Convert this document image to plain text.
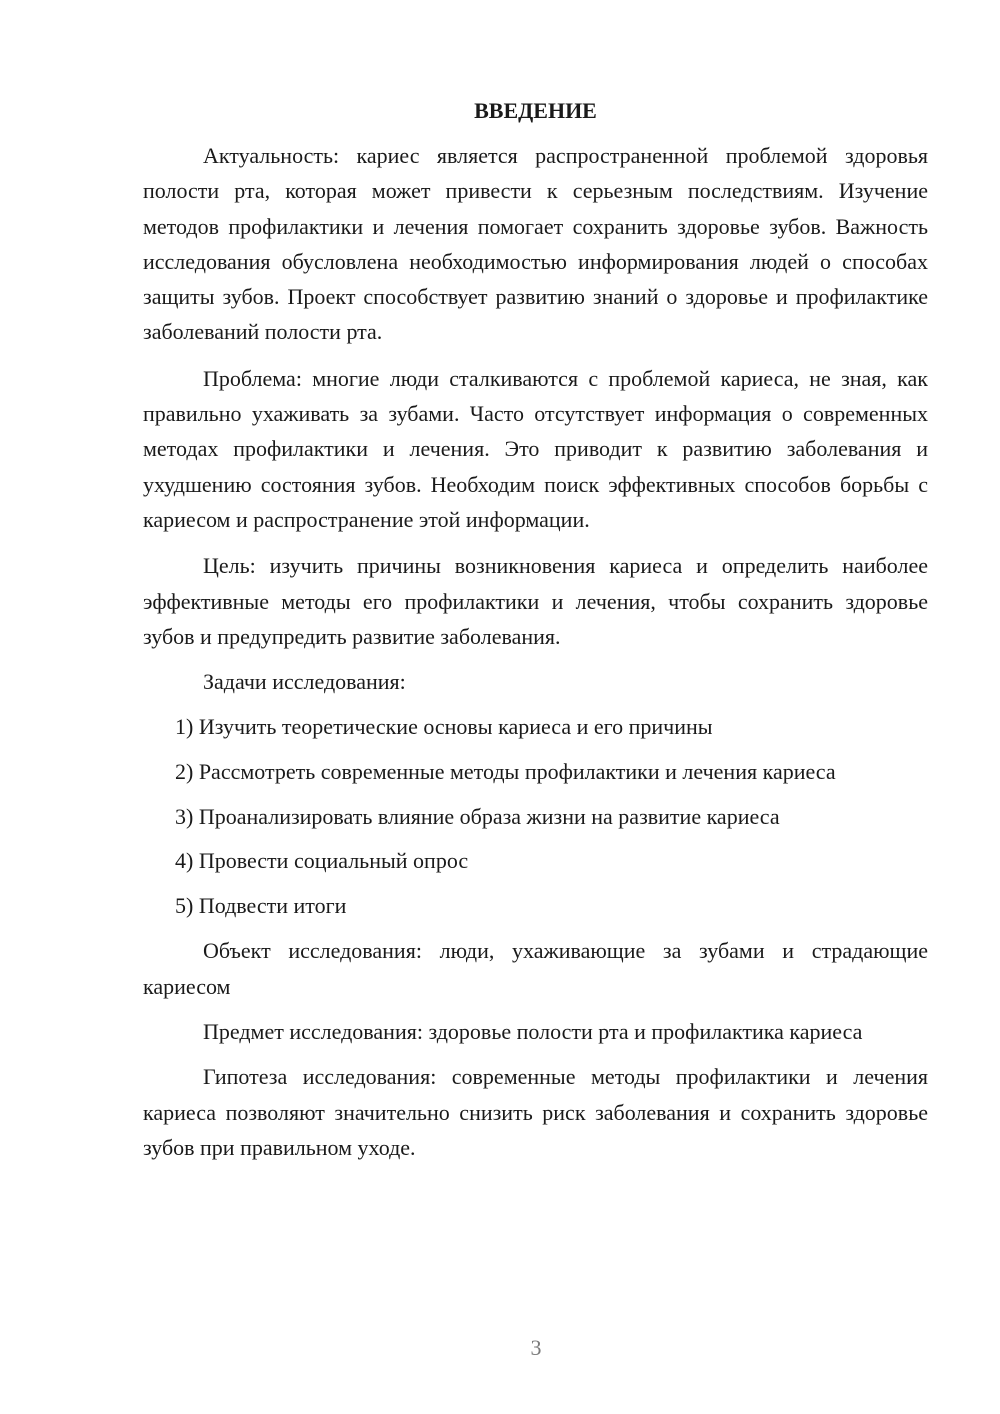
ВВЕДЕНИЕ

Актуальность: кариес является распространенной проблемой здоровья полости рта, которая может привести к серьезным последствиям. Изучение методов профилактики и лечения помогает сохранить здоровье зубов. Важность исследования обусловлена необходимостью информирования людей о способах защиты зубов. Проект способствует развитию знаний о здоровье и профилактике заболеваний полости рта.

Проблема: многие люди сталкиваются с проблемой кариеса, не зная, как правильно ухаживать за зубами. Часто отсутствует информация о современных методах профилактики и лечения. Это приводит к развитию заболевания и ухудшению состояния зубов. Необходим поиск эффективных способов борьбы с кариесом и распространение этой информации.

Цель: изучить причины возникновения кариеса и определить наиболее эффективные методы его профилактики и лечения, чтобы сохранить здоровье зубов и предупредить развитие заболевания.

Задачи исследования:

1) Изучить теоретические основы кариеса и его причины

2) Рассмотреть современные методы профилактики и лечения кариеса

3) Проанализировать влияние образа жизни на развитие кариеса

4) Провести социальный опрос

5) Подвести итоги

Объект исследования: люди, ухаживающие за зубами и страдающие кариесом

Предмет исследования: здоровье полости рта и профилактика кариеса

Гипотеза исследования: современные методы профилактики и лечения кариеса позволяют значительно снизить риск заболевания и сохранить здоровье зубов при правильном уходе.

3
